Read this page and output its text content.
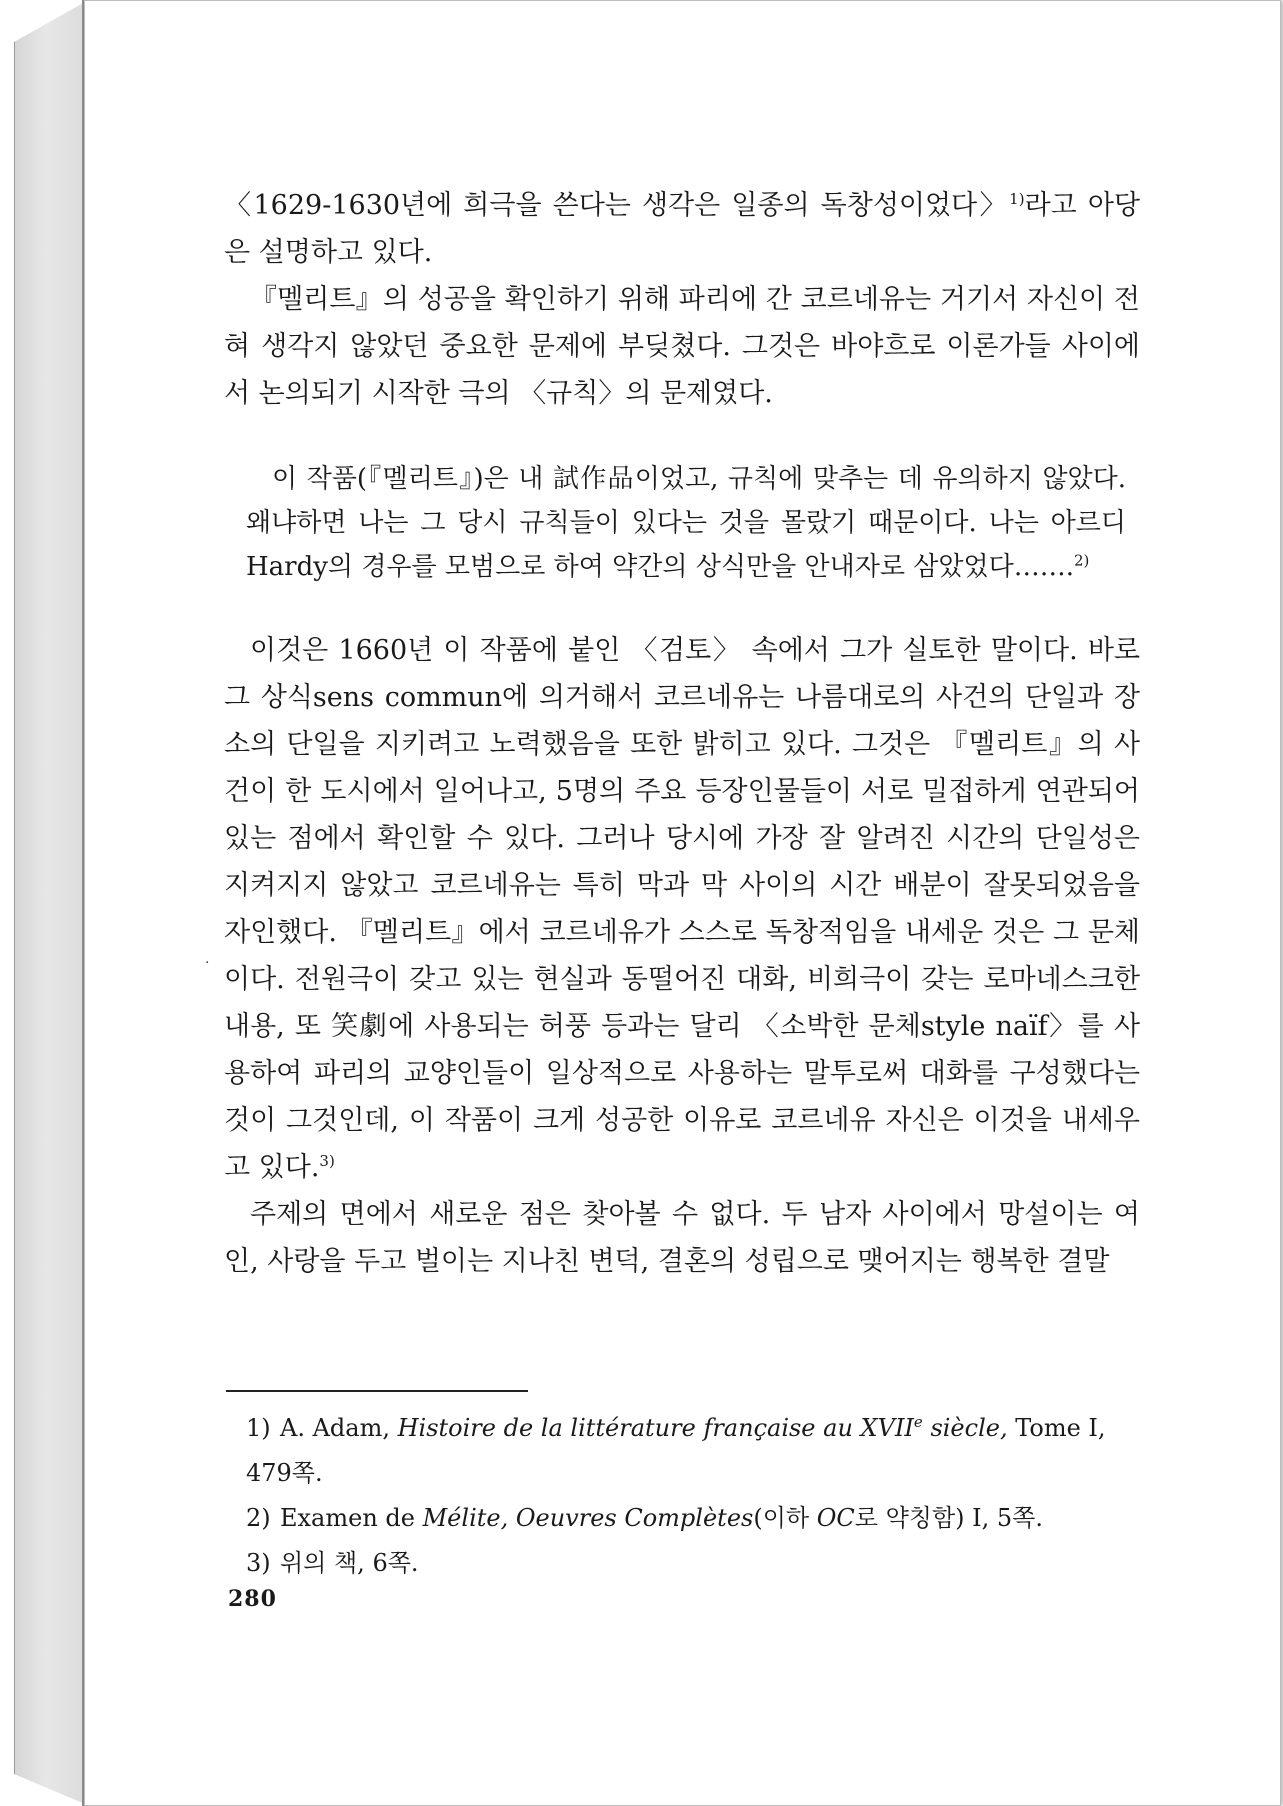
〈1629-1630년에 희극을 쓴다는 생각은 일종의 독창성이었다〉$^{1)}$라고 아당은 설명하고 있다.

『멜리트』의 성공을 확인하기 위해 파리에 간 코르네유는 거기서 자신이 전혀 생각지 않았던 중요한 문제에 부딪쳤다. 그것은 바야흐로 이론가들 사이에서 논의되기 시작한 극의 〈규칙〉의 문제였다.

이 작품(『멜리트』)은 내 試作品이었고, 규칙에 맞추는 데 유의하지 않았다. 왜냐하면 나는 그 당시 규칙들이 있다는 것을 몰랐기 때문이다. 나는 아르디Hardy의 경우를 모범으로 하여 약간의 상식만을 안내자로 삼았었다…….$^{2)}$

이것은 1660년 이 작품에 붙인 〈검토〉 속에서 그가 실토한 말이다. 바로 그 상식sens commun에 의거해서 코르네유는 나름대로의 사건의 단일과 장소의 단일을 지키려고 노력했음을 또한 밝히고 있다. 그것은 『멜리트』의 사건이 한 도시에서 일어나고, 5명의 주요 등장인물들이 서로 밀접하게 연관되어 있는 점에서 확인할 수 있다. 그러나 당시에 가장 잘 알려진 시간의 단일성은 지켜지지 않았고 코르네유는 특히 막과 막 사이의 시간 배분이 잘못되었음을 자인했다. 『멜리트』에서 코르네유가 스스로 독창적임을 내세운 것은 그 문체이다. 전원극이 갖고 있는 현실과 동떨어진 대화, 비희극이 갖는 로마네스크한 내용, 또 笑劇에 사용되는 허풍 등과는 달리 〈소박한 문체style naïf〉를 사용하여 파리의 교양인들이 일상적으로 사용하는 말투로써 대화를 구성했다는 것이 그것인데, 이 작품이 크게 성공한 이유로 코르네유 자신은 이것을 내세우고 있다.$^{3)}$

주제의 면에서 새로운 점은 찾아볼 수 없다. 두 남자 사이에서 망설이는 여인, 사랑을 두고 벌이는 지나친 변덕, 결혼의 성립으로 맺어지는 행복한 결말

·

1) A. Adam, Histoire de la littérature française au XVIIe siècle, Tome Ⅰ, 479쪽.

2) Examen de Mélite, Oeuvres Complètes(이하 OC로 약칭함) Ⅰ, 5쪽.

3) 위의 책, 6쪽.

280
